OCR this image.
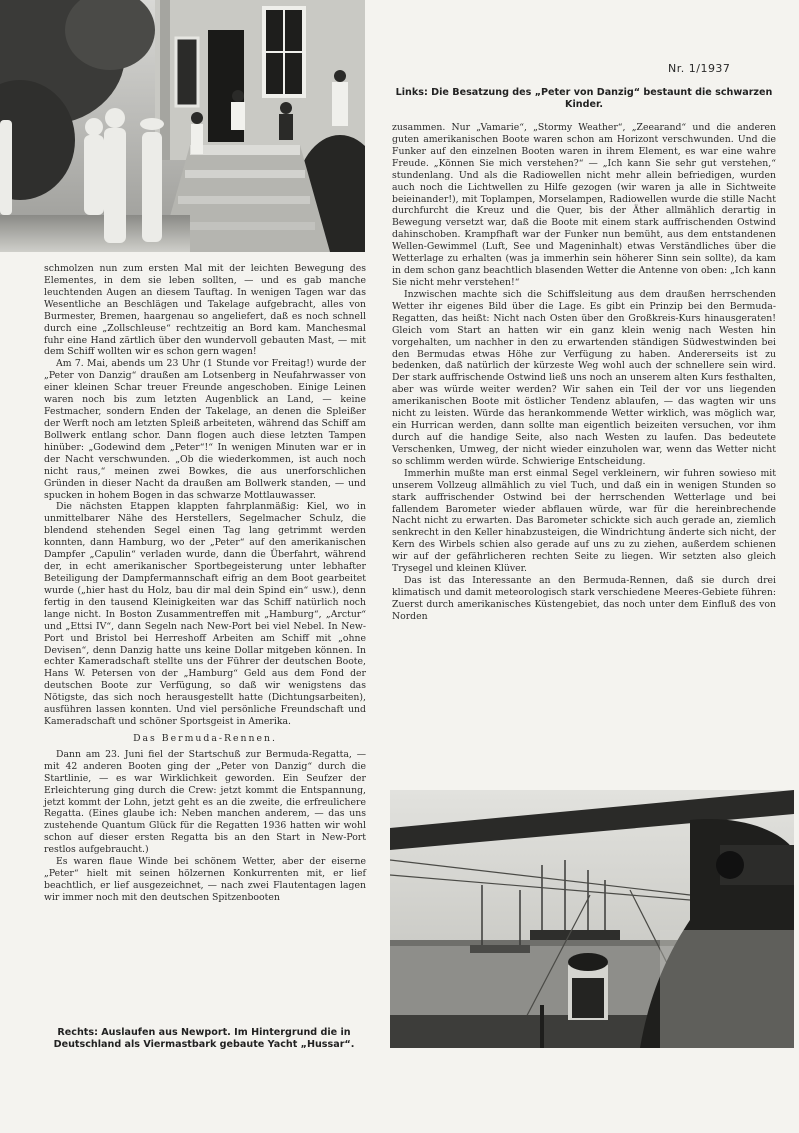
Nr. 1/1937
Links: Die Besatzung des „Peter von Danzig“ bestaunt die schwarzen Kinder.

schmolzen nun zum ersten Mal mit der leichten Bewegung des Elementes, in dem sie leben sollten, — und es gab manche leuchtenden Augen an diesem Tauftag. In wenigen Tagen war das Wesentliche an Beschlägen und Takelage aufgebracht, alles von Burmester, Bremen, haargenau so angeliefert, daß es noch schnell durch eine „Zollschleuse“ rechtzeitig an Bord kam. Manchesmal fuhr eine Hand zärtlich über den wundervoll gebauten Mast, — mit dem Schiff wollten wir es schon gern wagen!

Am 7. Mai, abends um 23 Uhr (1 Stunde vor Freitag!) wurde der „Peter von Danzig“ draußen am Lotsenberg in Neufahrwasser von einer kleinen Schar treuer Freunde angeschoben. Einige Leinen waren noch bis zum letzten Augenblick an Land, — keine Festmacher, sondern Enden der Takelage, an denen die Spleißer der Werft noch am letzten Spleiß arbeiteten, während das Schiff am Bollwerk entlang schor. Dann flogen auch diese letzten Tampen hinüber: „Godewind dem „Peter“!“ In wenigen Minuten war er in der Nacht verschwunden. „Ob die wiederkommen, ist auch noch nicht raus,“ meinen zwei Bowkes, die aus unerforschlichen Gründen in dieser Nacht da draußen am Bollwerk standen, — und spucken in hohem Bogen in das schwarze Mottlauwasser.

Die nächsten Etappen klappten fahrplanmäßig: Kiel, wo in unmittelbarer Nähe des Herstellers, Segelmacher Schulz, die blendend stehenden Segel einen Tag lang getrimmt werden konnten, dann Hamburg, wo der „Peter“ auf den amerikanischen Dampfer „Capulin“ verladen wurde, dann die Überfahrt, während der, in echt amerikanischer Sportbegeisterung unter lebhafter Beteiligung der Dampfermannschaft eifrig an dem Boot gearbeitet wurde („hier hast du Holz, bau dir mal dein Spind ein“ usw.), denn fertig in den tausend Kleinigkeiten war das Schiff natürlich noch lange nicht. In Boston Zusammentreffen mit „Hamburg“, „Arctur“ und „Ettsi IV“, dann Segeln nach New-Port bei viel Nebel. In New-Port und Bristol bei Herreshoff Arbeiten am Schiff mit „ohne Devisen“, denn Danzig hatte uns keine Dollar mitgeben können. In echter Kameradschaft stellte uns der Führer der deutschen Boote, Hans W. Petersen von der „Hamburg“ Geld aus dem Fond der deutschen Boote zur Verfügung, so daß wir wenigstens das Nötigste, das sich noch herausgestellt hatte (Dichtungsarbeiten), ausführen lassen konnten. Und viel persönliche Freundschaft und Kameradschaft und schöner Sportsgeist in Amerika.

Das Bermuda-Rennen.

Dann am 23. Juni fiel der Startschuß zur Bermuda-Regatta, — mit 42 anderen Booten ging der „Peter von Danzig“ durch die Startlinie, — es war Wirklichkeit geworden. Ein Seufzer der Erleichterung ging durch die Crew: jetzt kommt die Entspannung, jetzt kommt der Lohn, jetzt geht es an die zweite, die erfreulichere Regatta. (Eines glaube ich: Neben manchen anderem, — das uns zustehende Quantum Glück für die Regatten 1936 hatten wir wohl schon auf dieser ersten Regatta bis an den Start in New-Port restlos aufgebraucht.)

Es waren flaue Winde bei schönem Wetter, aber der eiserne „Peter“ hielt mit seinen hölzernen Konkurrenten mit, er lief beachtlich, er lief ausgezeichnet, — nach zwei Flautentagen lagen wir immer noch mit den deutschen Spitzenbooten

zusammen. Nur „Vamarie“, „Stormy Weather“, „Zeearand“ und die anderen guten amerikanischen Boote waren schon am Horizont verschwunden. Und die Funker auf den einzelnen Booten waren in ihrem Element, es war eine wahre Freude. „Können Sie mich verstehen?“ — „Ich kann Sie sehr gut verstehen,“ stundenlang. Und als die Radiowellen nicht mehr allein befriedigen, wurden auch noch die Lichtwellen zu Hilfe gezogen (wir waren ja alle in Sichtweite beieinander!), mit Toplampen, Morselampen, Radiowellen wurde die stille Nacht durchfurcht die Kreuz und die Quer, bis der Äther allmählich derartig in Bewegung versetzt war, daß die Boote mit einem stark auffrischenden Ostwind dahinschoben. Krampfhaft war der Funker nun bemüht, aus dem entstandenen Wellen-Gewimmel (Luft, See und Mageninhalt) etwas Verständliches über die Wetterlage zu erhalten (was ja immerhin sein höherer Sinn sein sollte), da kam in dem schon ganz beachtlich blasenden Wetter die Antenne von oben: „Ich kann Sie nicht mehr verstehen!“

Inzwischen machte sich die Schiffsleitung aus dem draußen herrschenden Wetter ihr eigenes Bild über die Lage. Es gibt ein Prinzip bei den Bermuda-Regatten, das heißt: Nicht nach Osten über den Großkreis-Kurs hinausgeraten! Gleich vom Start an hatten wir ein ganz klein wenig nach Westen hin vorgehalten, um nachher in den zu erwartenden ständigen Südwestwinden bei den Bermudas etwas Höhe zur Verfügung zu haben. Andererseits ist zu bedenken, daß natürlich der kürzeste Weg wohl auch der schnellere sein wird. Der stark auffrischende Ostwind ließ uns noch an unserem alten Kurs festhalten, aber was würde weiter werden? Wir sahen ein Teil der vor uns liegenden amerikanischen Boote mit östlicher Tendenz ablaufen, — das wagten wir uns nicht zu leisten. Würde das herankommende Wetter wirklich, was möglich war, ein Hurrican werden, dann sollte man eigentlich beizeiten versuchen, vor ihm durch auf die handige Seite, also nach Westen zu laufen. Das bedeutete Verschenken, Umweg, der nicht wieder einzuholen war, wenn das Wetter nicht so schlimm werden würde. Schwierige Entscheidung.

Immerhin mußte man erst einmal Segel verkleinern, wir fuhren sowieso mit unserem Vollzeug allmählich zu viel Tuch, und daß ein in wenigen Stunden so stark auffrischender Ostwind bei der herrschenden Wetterlage und bei fallendem Barometer wieder abflauen würde, war für die hereinbrechende Nacht nicht zu erwarten. Das Barometer schickte sich auch gerade an, ziemlich senkrecht in den Keller hinabzusteigen, die Windrichtung änderte sich nicht, der Kern des Wirbels schien also gerade auf uns zu zu ziehen, außerdem schienen wir auf der gefährlicheren rechten Seite zu liegen. Wir setzten also gleich Trysegel und kleinen Klüver.

Das ist das Interessante an den Bermuda-Rennen, daß sie durch drei klimatisch und damit meteorologisch stark verschiedene Meeres-Gebiete führen: Zuerst durch amerikanisches Küstengebiet, das noch unter dem Einfluß des von Norden

Rechts: Auslaufen aus Newport. Im Hintergrund die in Deutschland als Viermastbark gebaute Yacht „Hussar“.
